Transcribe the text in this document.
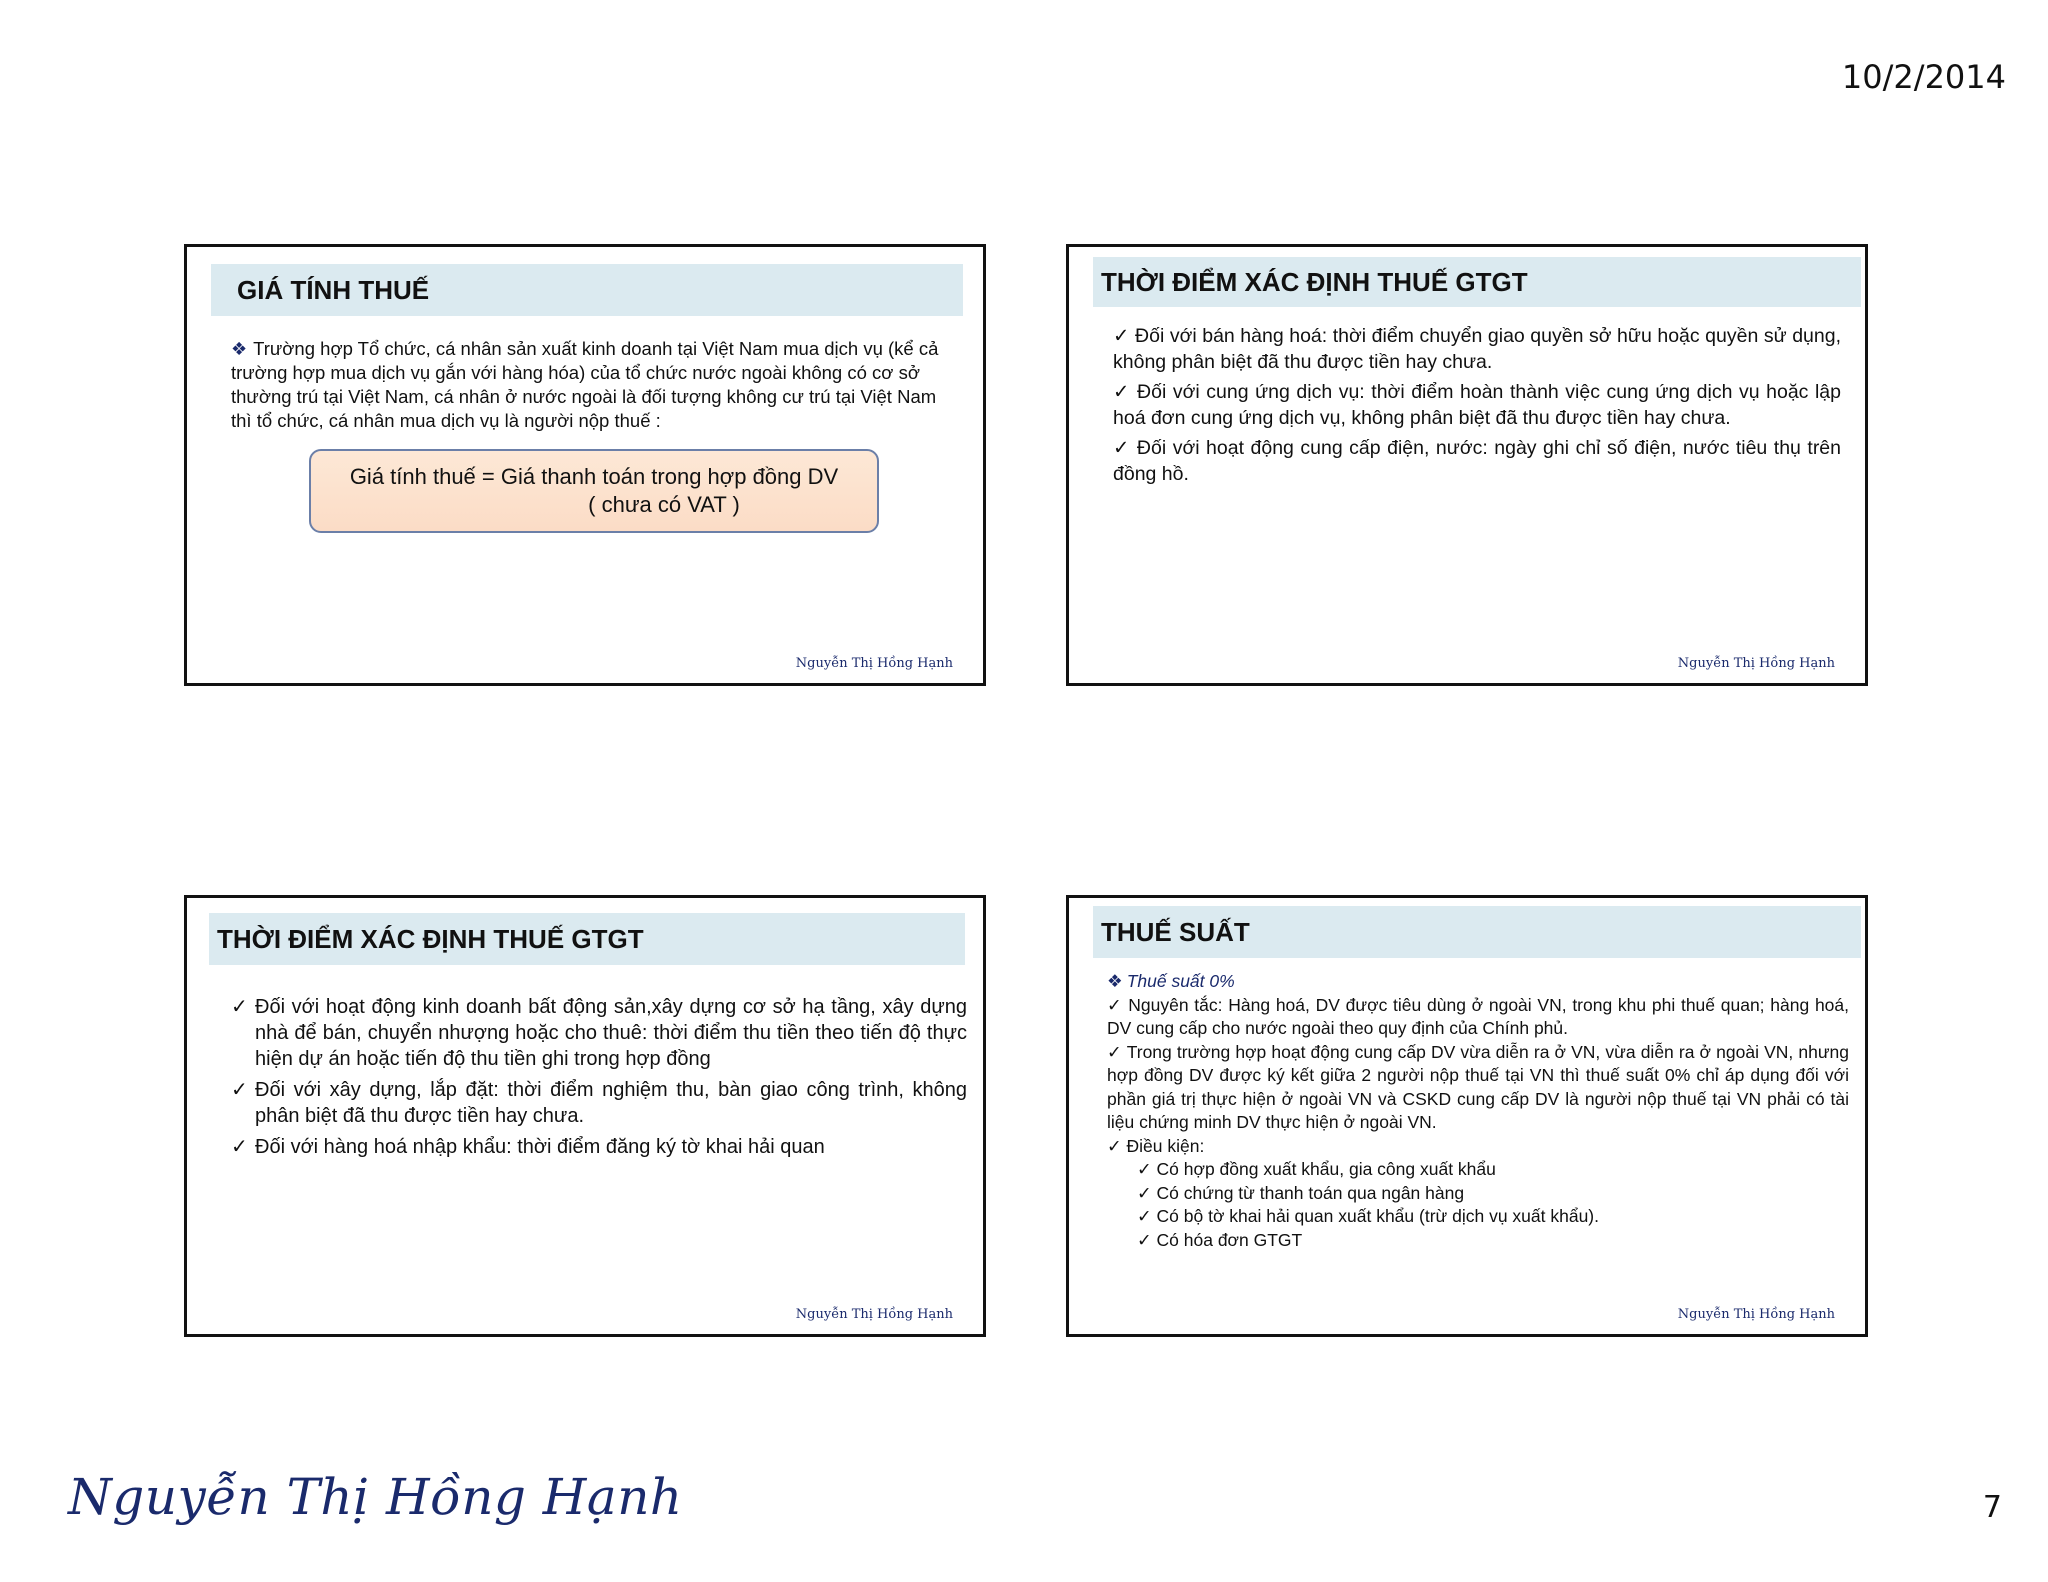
10/2/2014
GIÁ TÍNH THUẾ
❖ Trường hợp Tổ chức, cá nhân sản xuất kinh doanh tại Việt Nam mua dịch vụ (kể cả trường hợp mua dịch vụ gắn với hàng hóa) của tổ chức nước ngoài không có cơ sở thường trú tại Việt Nam, cá nhân ở nước ngoài là đối tượng không cư trú tại Việt Nam thì tổ chức, cá nhân mua dịch vụ là người nộp thuế :
Giá tính thuế = Giá thanh toán trong hợp đồng DV
( chưa có VAT )
Nguyễn Thị Hồng Hạnh
THỜI ĐIỂM XÁC ĐỊNH THUẾ GTGT

✓ Đối với bán hàng hoá: thời điểm chuyển giao quyền sở hữu hoặc quyền sử dụng, không phân biệt đã thu được tiền hay chưa.

✓ Đối với cung ứng dịch vụ: thời điểm hoàn thành việc cung ứng dịch vụ hoặc lập hoá đơn cung ứng dịch vụ, không phân biệt đã thu được tiền hay chưa.

✓ Đối với hoạt động cung cấp điện, nước: ngày ghi chỉ số điện, nước tiêu thụ trên đồng hồ.

Nguyễn Thị Hồng Hạnh
THỜI ĐIỂM XÁC ĐỊNH THUẾ GTGT
✓ Đối với hoạt động kinh doanh bất động sản,xây dựng cơ sở hạ tầng, xây dựng nhà để bán, chuyển nhượng hoặc cho thuê: thời điểm thu tiền theo tiến độ thực hiện dự án hoặc tiến độ thu tiền ghi trong hợp đồng
✓ Đối với xây dựng, lắp đặt: thời điểm nghiệm thu, bàn giao công trình, không phân biệt đã thu được tiền hay chưa.
✓ Đối với hàng hoá nhập khẩu: thời điểm đăng ký tờ khai hải quan
Nguyễn Thị Hồng Hạnh
THUẾ SUẤT

❖ Thuế suất 0%

✓ Nguyên tắc: Hàng hoá, DV được tiêu dùng ở ngoài VN, trong khu phi thuế quan; hàng hoá, DV cung cấp cho nước ngoài theo quy định của Chính phủ.

✓ Trong trường hợp hoạt động cung cấp DV vừa diễn ra ở VN, vừa diễn ra ở ngoài VN, nhưng hợp đồng DV được ký kết giữa 2 người nộp thuế tại VN thì thuế suất 0% chỉ áp dụng đối với phần giá trị thực hiện ở ngoài VN và CSKD cung cấp DV là người nộp thuế tại VN phải có tài liệu chứng minh DV thực hiện ở ngoài VN.

✓ Điều kiện:

✓ Có hợp đồng xuất khẩu, gia công xuất khẩu

✓ Có chứng từ thanh toán qua ngân hàng

✓ Có bộ tờ khai hải quan xuất khẩu (trừ dịch vụ xuất khẩu).

✓ Có hóa đơn GTGT

Nguyễn Thị Hồng Hạnh
Nguyễn Thị Hồng Hạnh	7
